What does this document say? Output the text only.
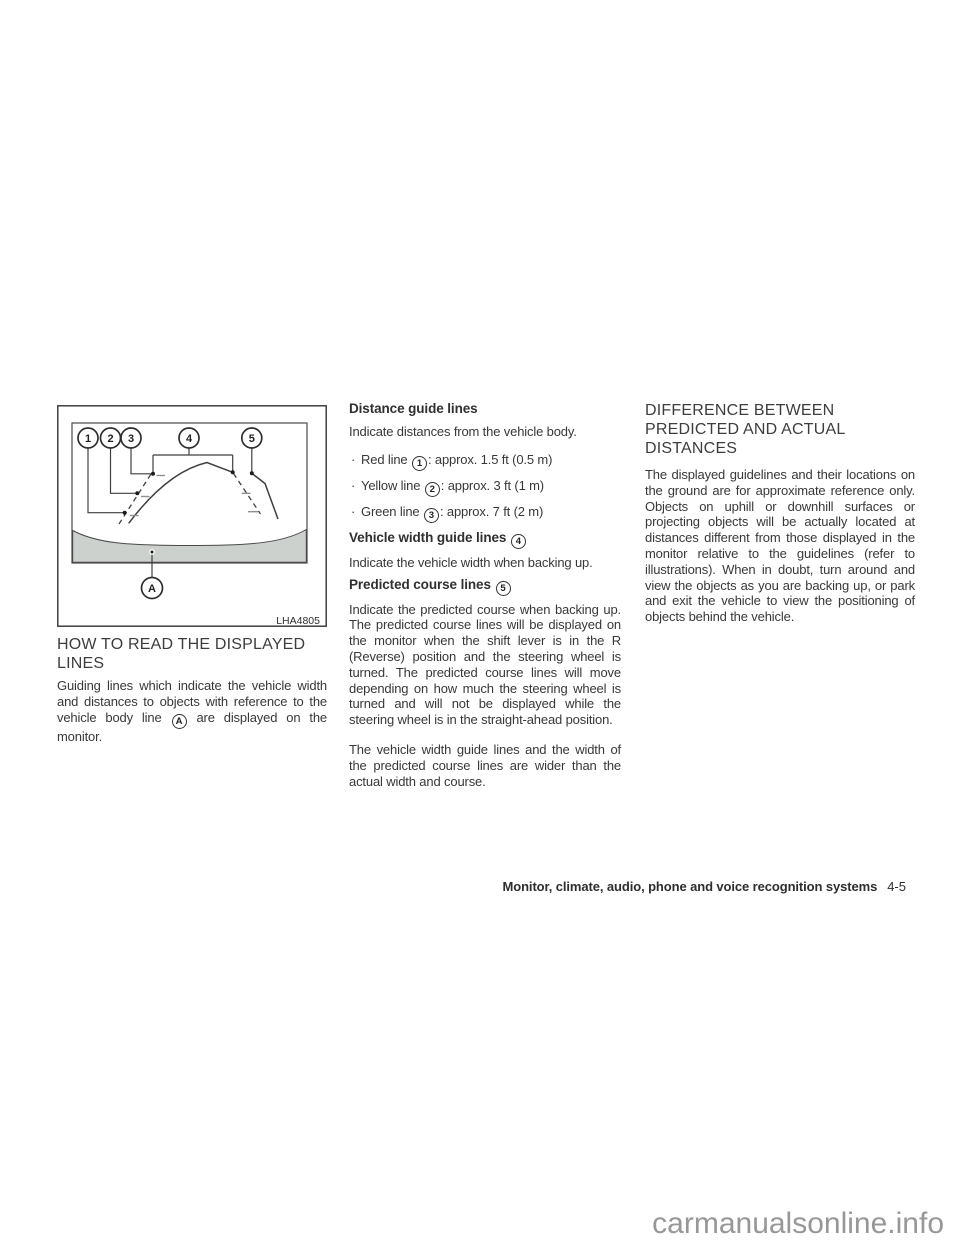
1 2 3	4	5
A
LHA4805
HOW TO READ THE DISPLAYED LINES

Guiding lines which indicate the vehicle width and distances to objects with reference to the vehicle body line A are displayed on the monitor.

Distance guide lines

Indicate distances from the vehicle body.

· Red line 1 : approx. 1.5 ft (0.5 m)
· Yellow line 2 : approx. 3 ft (1 m)
· Green line 3 : approx. 7 ft (2 m)
Vehicle width guide lines 4

Indicate the vehicle width when backing up.

Predicted course lines 5

Indicate the predicted course when backing up. The predicted course lines will be displayed on the monitor when the shift lever is in the R (Reverse) position and the steering wheel is turned. The predicted course lines will move depending on how much the steering wheel is turned and will not be displayed while the steering wheel is in the straight-ahead position.

The vehicle width guide lines and the width of the predicted course lines are wider than the actual width and course.

DIFFERENCE BETWEEN PREDICTED AND ACTUAL DISTANCES

The displayed guidelines and their locations on the ground are for approximate reference only. Objects on uphill or downhill surfaces or projecting objects will be actually located at distances different from those displayed in the monitor relative to the guidelines (refer to illustrations). When in doubt, turn around and view the objects as you are backing up, or park and exit the vehicle to view the positioning of objects behind the vehicle.

Monitor, climate, audio, phone and voice recognition systems 4-5
carmanualsonline.info
